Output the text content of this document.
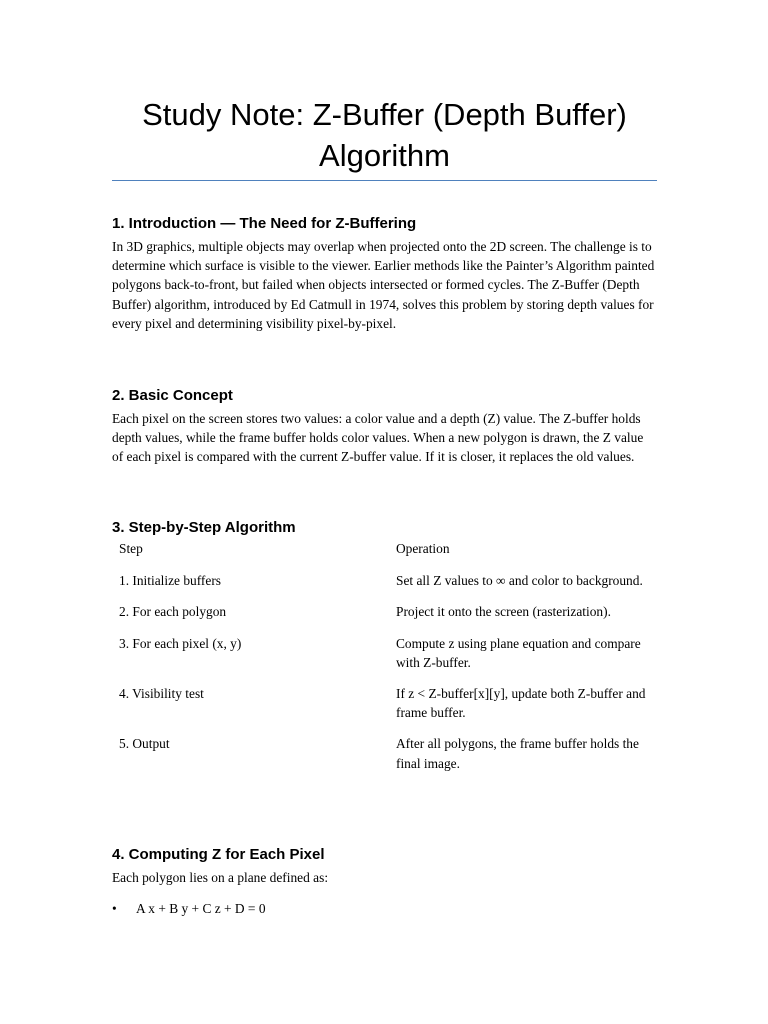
Study Note: Z-Buffer (Depth Buffer)
Algorithm
1. Introduction — The Need for Z-Buffering

In 3D graphics, multiple objects may overlap when projected onto the 2D screen. The challenge is to determine which surface is visible to the viewer. Earlier methods like the Painter’s Algorithm painted polygons back-to-front, but failed when objects intersected or formed cycles. The Z-Buffer (Depth Buffer) algorithm, introduced by Ed Catmull in 1974, solves this problem by storing depth values for every pixel and determining visibility pixel-by-pixel.

2. Basic Concept

Each pixel on the screen stores two values: a color value and a depth (Z) value. The Z-buffer holds depth values, while the frame buffer holds color values. When a new polygon is drawn, the Z value of each pixel is compared with the current Z-buffer value. If it is closer, it replaces the old values.

3. Step-by-Step Algorithm
Step	Operation
1. Initialize buffers	Set all Z values to ∞ and color to background.
2. For each polygon	Project it onto the screen (rasterization).
3. For each pixel (x, y)	Compute z using plane equation and compare with Z-buffer.
4. Visibility test	If z < Z-buffer[x][y], update both Z-buffer and frame buffer.
5. Output	After all polygons, the frame buffer holds the final image.
4. Computing Z for Each Pixel

Each polygon lies on a plane defined as:

• A x + B y + C z + D = 0
